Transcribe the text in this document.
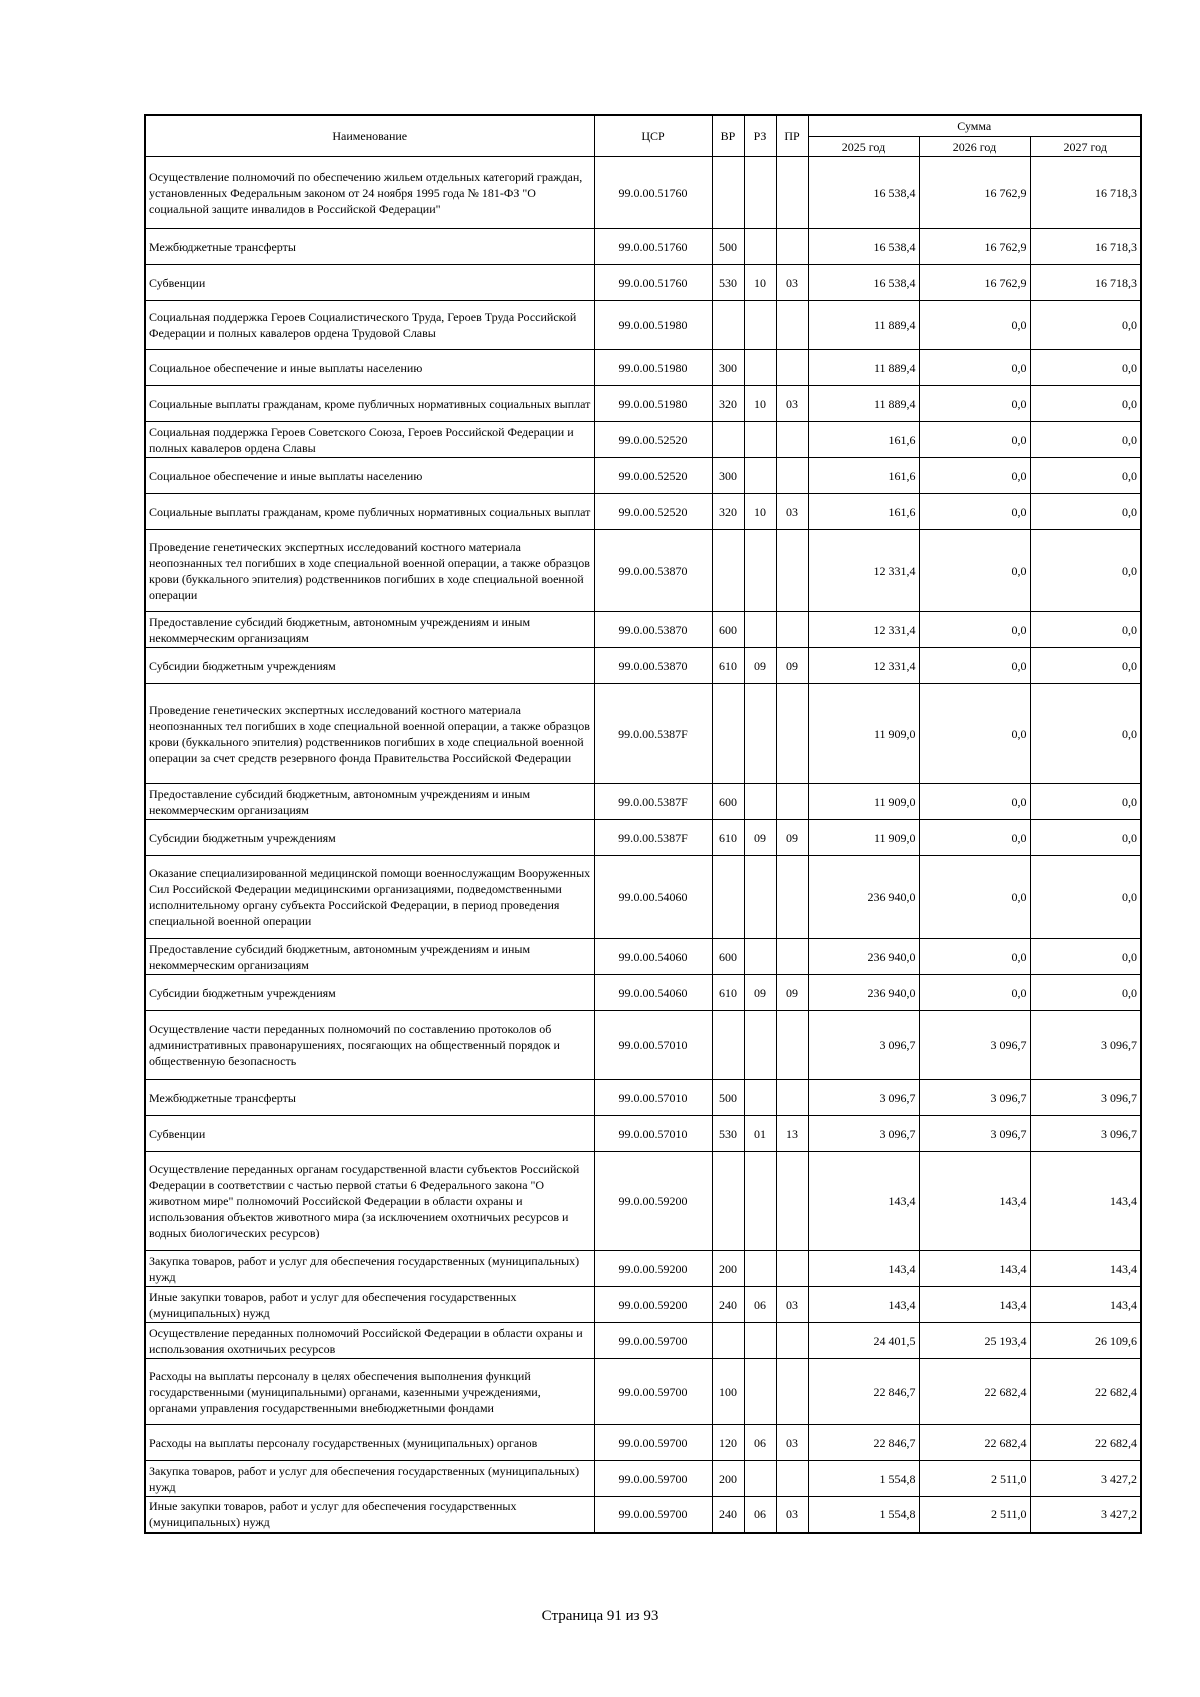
Наименование	ЦСР	ВР	РЗ	ПР	Сумма		
					2025 год	2026 год	2027 год
Осуществление полномочий по обеспечению жильем отдельных категорий граждан, установленных Федеральным законом от 24 ноября 1995 года № 181-ФЗ "О социальной защите инвалидов в Российской Федерации"	99.0.00.51760				16 538,4	16 762,9	16 718,3
Межбюджетные трансферты	99.0.00.51760	500			16 538,4	16 762,9	16 718,3
Субвенции	99.0.00.51760	530	10	03	16 538,4	16 762,9	16 718,3
Социальная поддержка Героев Социалистического Труда, Героев Труда Российской Федерации и полных кавалеров ордена Трудовой Славы	99.0.00.51980				11 889,4	0,0	0,0
Социальное обеспечение и иные выплаты населению	99.0.00.51980	300			11 889,4	0,0	0,0
Социальные выплаты гражданам, кроме публичных нормативных социальных выплат	99.0.00.51980	320	10	03	11 889,4	0,0	0,0
Социальная поддержка Героев Советского Союза, Героев Российской Федерации и полных кавалеров ордена Славы	99.0.00.52520				161,6	0,0	0,0
Социальное обеспечение и иные выплаты населению	99.0.00.52520	300			161,6	0,0	0,0
Социальные выплаты гражданам, кроме публичных нормативных социальных выплат	99.0.00.52520	320	10	03	161,6	0,0	0,0
Проведение генетических экспертных исследований костного материала неопознанных тел погибших в ходе специальной военной операции, а также образцов крови (буккального эпителия) родственников погибших в ходе специальной военной операции	99.0.00.53870				12 331,4	0,0	0,0
Предоставление субсидий бюджетным, автономным учреждениям и иным некоммерческим организациям	99.0.00.53870	600			12 331,4	0,0	0,0
Субсидии бюджетным учреждениям	99.0.00.53870	610	09	09	12 331,4	0,0	0,0
Проведение генетических экспертных исследований костного материала неопознанных тел погибших в ходе специальной военной операции, а также образцов крови (буккального эпителия) родственников погибших в ходе специальной военной операции за счет средств резервного фонда Правительства Российской Федерации	99.0.00.5387F				11 909,0	0,0	0,0
Предоставление субсидий бюджетным, автономным учреждениям и иным некоммерческим организациям	99.0.00.5387F	600			11 909,0	0,0	0,0
Субсидии бюджетным учреждениям	99.0.00.5387F	610	09	09	11 909,0	0,0	0,0
Оказание специализированной медицинской помощи военнослужащим Вооруженных Сил Российской Федерации медицинскими организациями, подведомственными исполнительному органу субъекта Российской Федерации, в период проведения специальной военной операции	99.0.00.54060				236 940,0	0,0	0,0
Предоставление субсидий бюджетным, автономным учреждениям и иным некоммерческим организациям	99.0.00.54060	600			236 940,0	0,0	0,0
Субсидии бюджетным учреждениям	99.0.00.54060	610	09	09	236 940,0	0,0	0,0
Осуществление части переданных полномочий по составлению протоколов об административных правонарушениях, посягающих на общественный порядок и общественную безопасность	99.0.00.57010				3 096,7	3 096,7	3 096,7
Межбюджетные трансферты	99.0.00.57010	500			3 096,7	3 096,7	3 096,7
Субвенции	99.0.00.57010	530	01	13	3 096,7	3 096,7	3 096,7
Осуществление переданных органам государственной власти субъектов Российской Федерации в соответствии с частью первой статьи 6 Федерального закона "О животном мире" полномочий Российской Федерации в области охраны и использования объектов животного мира (за исключением охотничьих ресурсов и водных биологических ресурсов)	99.0.00.59200				143,4	143,4	143,4
Закупка товаров, работ и услуг для обеспечения государственных (муниципальных) нужд	99.0.00.59200	200			143,4	143,4	143,4
Иные закупки товаров, работ и услуг для обеспечения государственных (муниципальных) нужд	99.0.00.59200	240	06	03	143,4	143,4	143,4
Осуществление переданных полномочий Российской Федерации в области охраны и использования охотничьих ресурсов	99.0.00.59700				24 401,5	25 193,4	26 109,6
Расходы на выплаты персоналу в целях обеспечения выполнения функций государственными (муниципальными) органами, казенными учреждениями, органами управления государственными внебюджетными фондами	99.0.00.59700	100			22 846,7	22 682,4	22 682,4
Расходы на выплаты персоналу государственных (муниципальных) органов	99.0.00.59700	120	06	03	22 846,7	22 682,4	22 682,4
Закупка товаров, работ и услуг для обеспечения государственных (муниципальных) нужд	99.0.00.59700	200			1 554,8	2 511,0	3 427,2
Иные закупки товаров, работ и услуг для обеспечения государственных (муниципальных) нужд	99.0.00.59700	240	06	03	1 554,8	2 511,0	3 427,2
Страница 91 из 93
